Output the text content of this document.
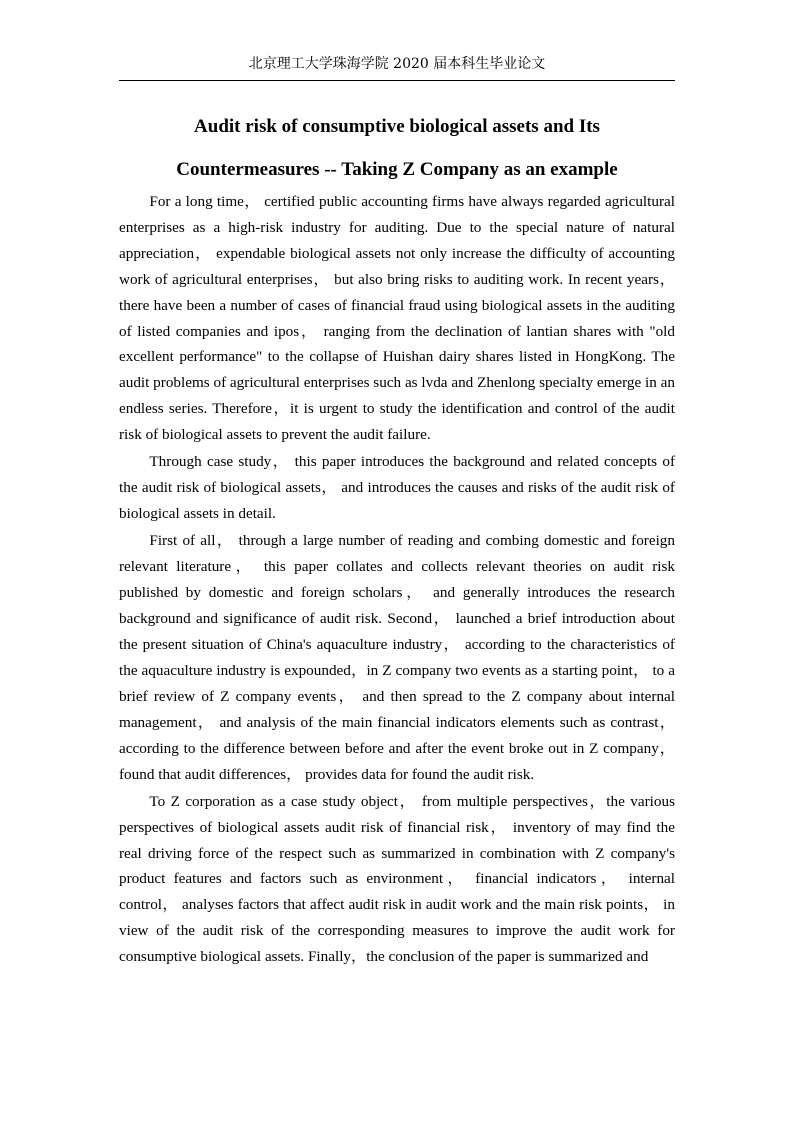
北京理工大学珠海学院 2020 届本科生毕业论文
Audit risk of consumptive biological assets and Its
Countermeasures -- Taking Z Company as an example

For a long time， certified public accounting firms have always regarded agricultural enterprises as a high-risk industry for auditing. Due to the special nature of natural appreciation， expendable biological assets not only increase the difficulty of accounting work of agricultural enterprises， but also bring risks to auditing work. In recent years， there have been a number of cases of financial fraud using biological assets in the auditing of listed companies and ipos， ranging from the declination of lantian shares with "old excellent performance" to the collapse of Huishan dairy shares listed in HongKong. The audit problems of agricultural enterprises such as lvda and Zhenlong specialty emerge in an endless series. Therefore，it is urgent to study the identification and control of the audit risk of biological assets to prevent the audit failure.

Through case study， this paper introduces the background and related concepts of the audit risk of biological assets， and introduces the causes and risks of the audit risk of biological assets in detail.

First of all， through a large number of reading and combing domestic and foreign relevant literature， this paper collates and collects relevant theories on audit risk published by domestic and foreign scholars， and generally introduces the research background and significance of audit risk. Second， launched a brief introduction about the present situation of China's aquaculture industry， according to the characteristics of the aquaculture industry is expounded，in Z company two events as a starting point， to a brief review of Z company events， and then spread to the Z company about internal management， and analysis of the main financial indicators elements such as contrast， according to the difference between before and after the event broke out in Z company， found that audit differences， provides data for found the audit risk.

To Z corporation as a case study object， from multiple perspectives，the various perspectives of biological assets audit risk of financial risk， inventory of may find the real driving force of the respect such as summarized in combination with Z company's product features and factors such as environment， financial indicators， internal control， analyses factors that affect audit risk in audit work and the main risk points， in view of the audit risk of the corresponding measures to improve the audit work for consumptive biological assets. Finally，the conclusion of the paper is summarized and
